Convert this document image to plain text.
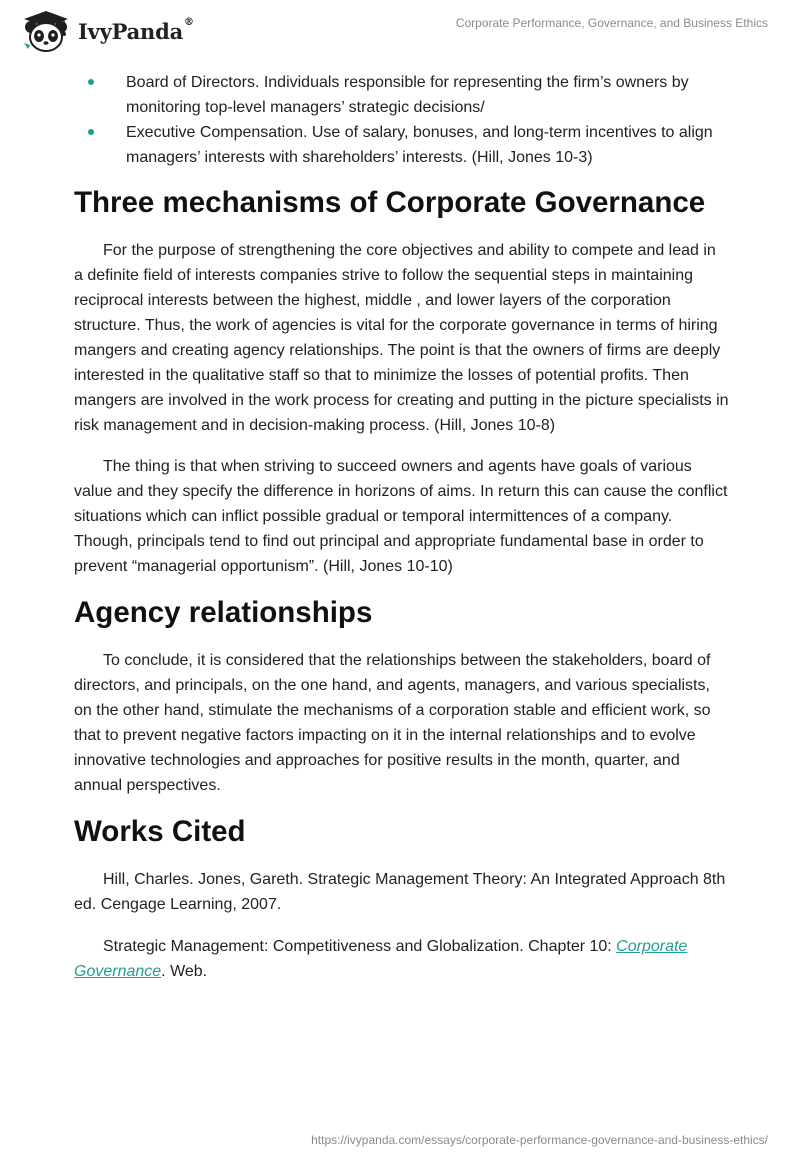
IvyPanda®	Corporate Performance, Governance, and Business Ethics
Board of Directors. Individuals responsible for representing the firm’s owners by monitoring top-level managers’ strategic decisions/
Executive Compensation. Use of salary, bonuses, and long-term incentives to align managers’ interests with shareholders’ interests. (Hill, Jones 10-3)
Three mechanisms of Corporate Governance

For the purpose of strengthening the core objectives and ability to compete and lead in a definite field of interests companies strive to follow the sequential steps in maintaining reciprocal interests between the highest, middle , and lower layers of the corporation structure. Thus, the work of agencies is vital for the corporate governance in terms of hiring mangers and creating agency relationships. The point is that the owners of firms are deeply interested in the qualitative staff so that to minimize the losses of potential profits. Then mangers are involved in the work process for creating and putting in the picture specialists in risk management and in decision-making process. (Hill, Jones 10-8)

The thing is that when striving to succeed owners and agents have goals of various value and they specify the difference in horizons of aims. In return this can cause the conflict situations which can inflict possible gradual or temporal intermittences of a company. Though, principals tend to find out principal and appropriate fundamental base in order to prevent “managerial opportunism”. (Hill, Jones 10-10)

Agency relationships

To conclude, it is considered that the relationships between the stakeholders, board of directors, and principals, on the one hand, and agents, managers, and various specialists, on the other hand, stimulate the mechanisms of a corporation stable and efficient work, so that to prevent negative factors impacting on it in the internal relationships and to evolve innovative technologies and approaches for positive results in the month, quarter, and annual perspectives.

Works Cited

Hill, Charles. Jones, Gareth. Strategic Management Theory: An Integrated Approach 8th ed. Cengage Learning, 2007.

Strategic Management: Competitiveness and Globalization. Chapter 10: Corporate Governance. Web.

https://ivypanda.com/essays/corporate-performance-governance-and-business-ethics/
